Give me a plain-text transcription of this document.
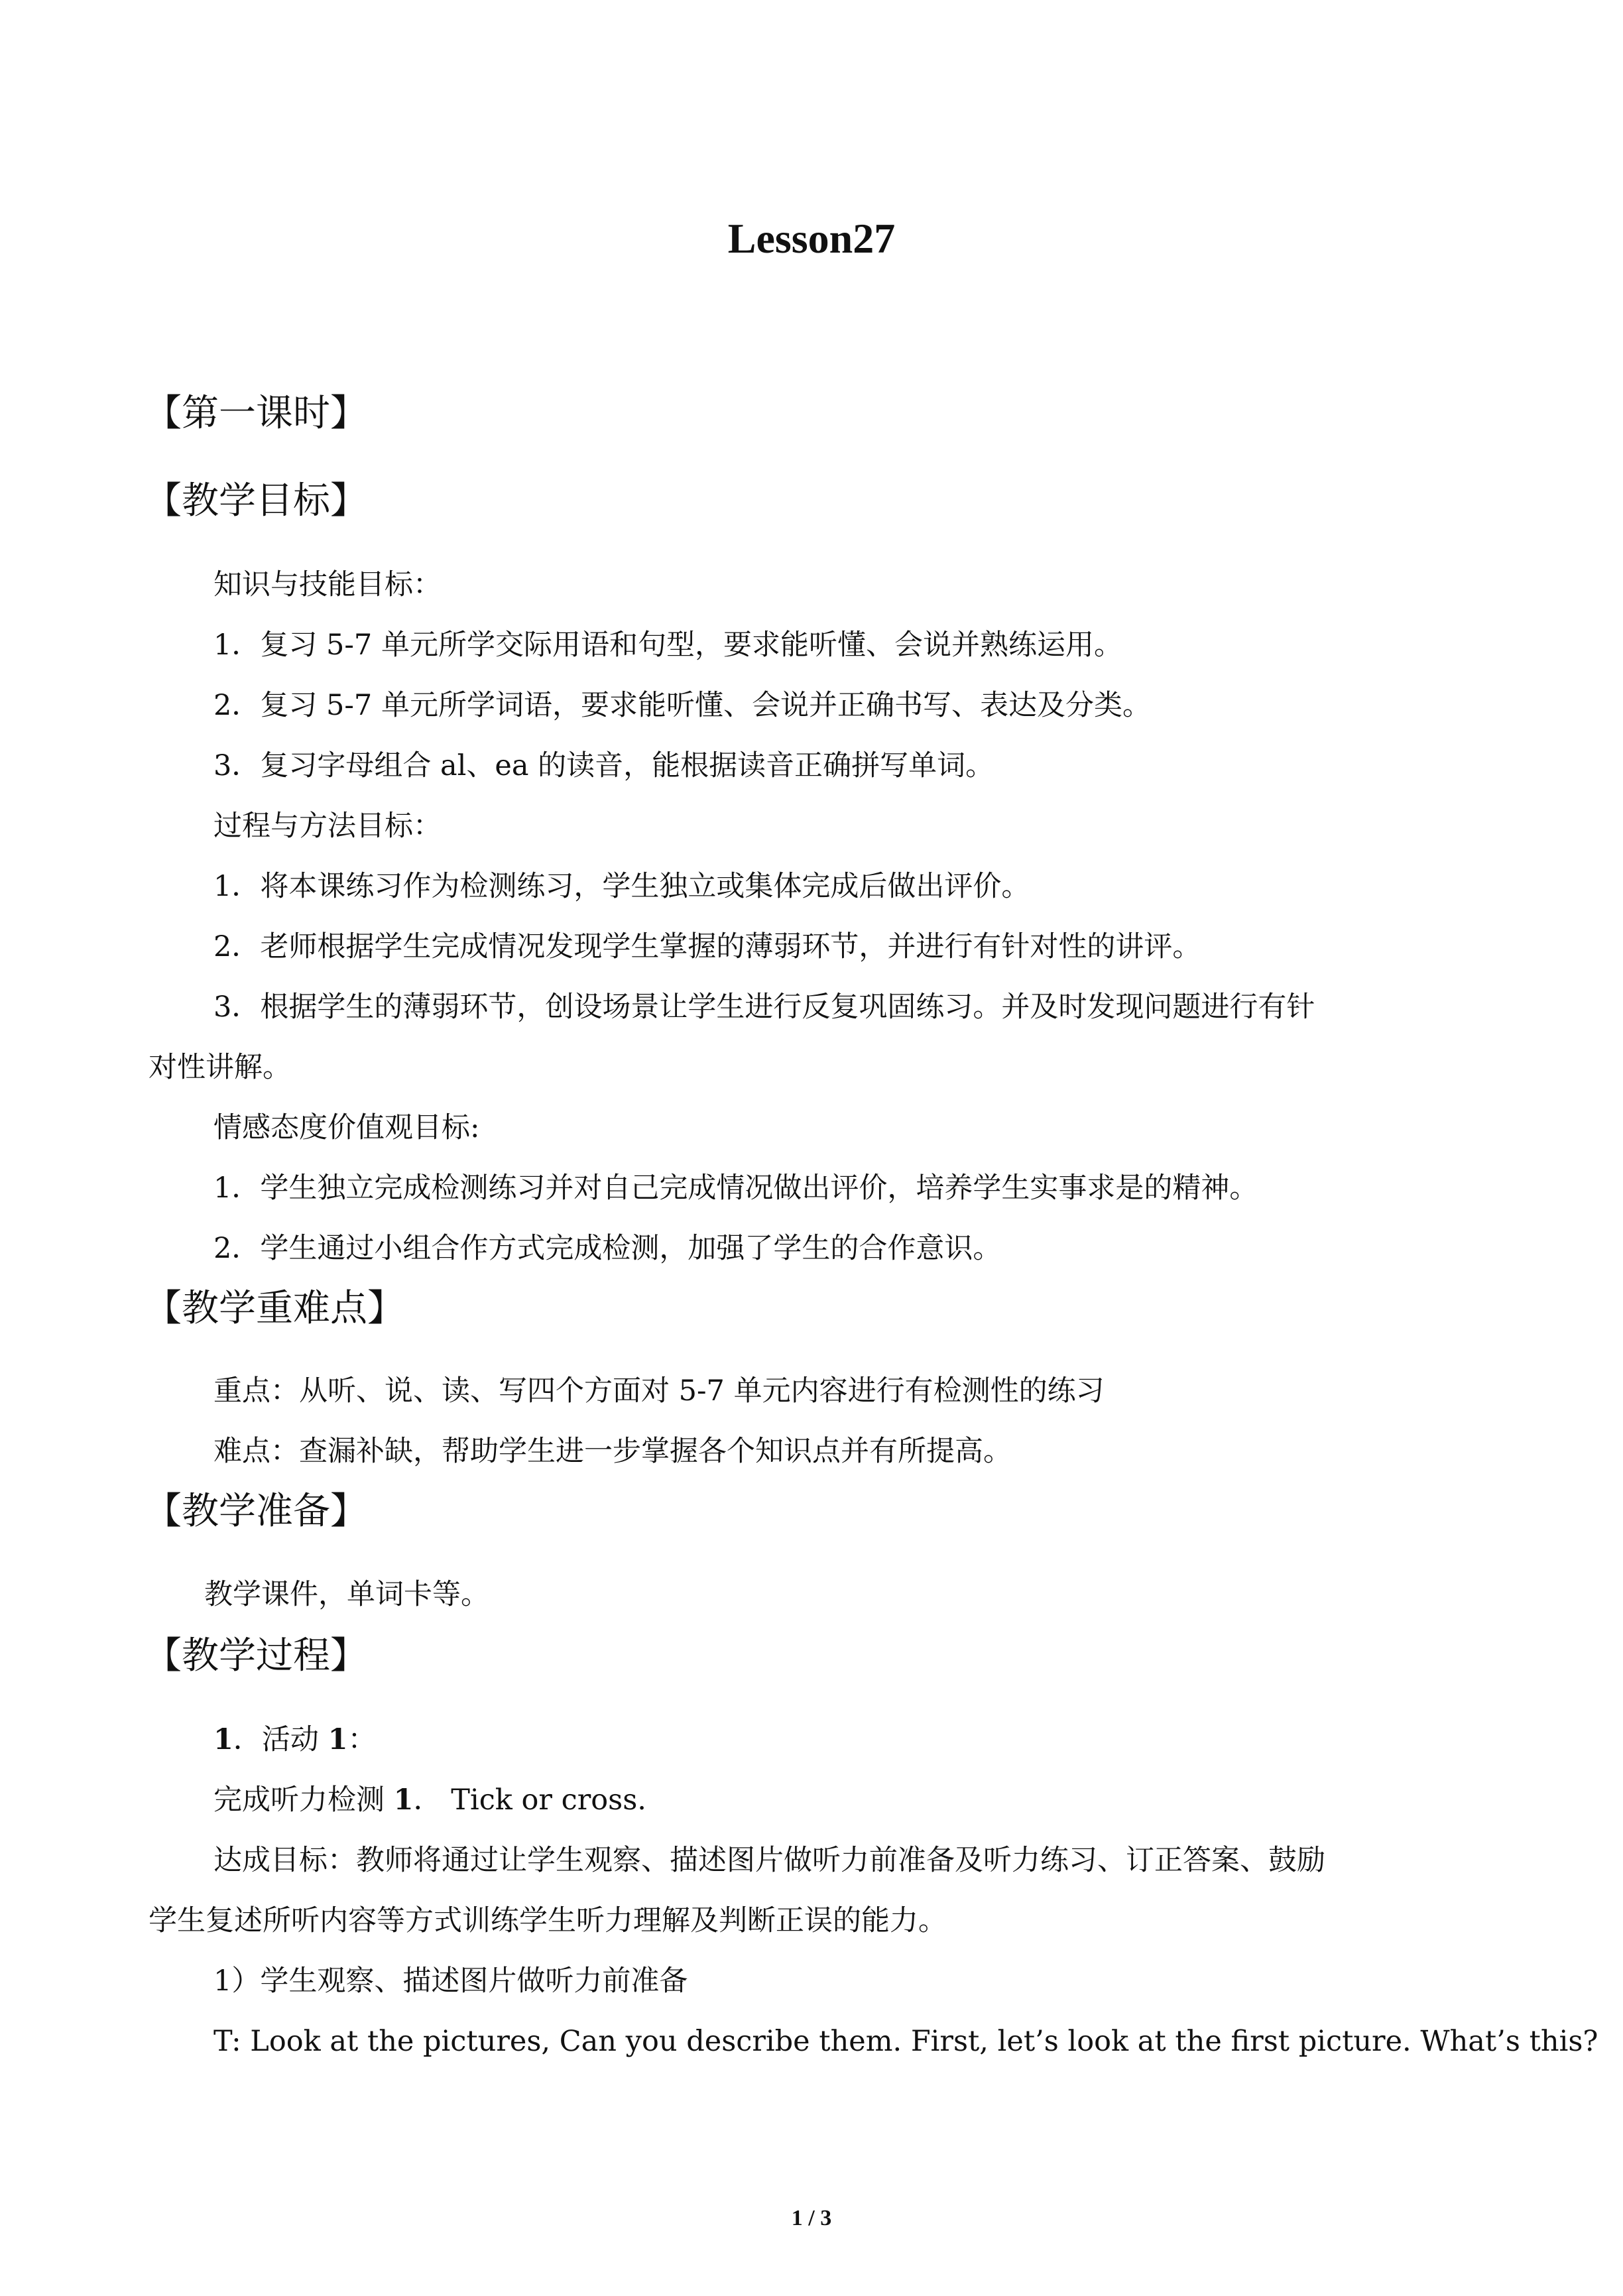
Lesson27
【第一课时】
【教学目标】
知识与技能目标：
1．复习 5-7 单元所学交际用语和句型，要求能听懂、会说并熟练运用。
2．复习 5-7 单元所学词语，要求能听懂、会说并正确书写、表达及分类。
3．复习字母组合 al、ea 的读音，能根据读音正确拼写单词。
过程与方法目标：
1．将本课练习作为检测练习，学生独立或集体完成后做出评价。
2．老师根据学生完成情况发现学生掌握的薄弱环节，并进行有针对性的讲评。
3．根据学生的薄弱环节，创设场景让学生进行反复巩固练习。并及时发现问题进行有针
对性讲解。
情感态度价值观目标:
1．学生独立完成检测练习并对自己完成情况做出评价，培养学生实事求是的精神。
2．学生通过小组合作方式完成检测，加强了学生的合作意识。
【教学重难点】
重点：从听、说、读、写四个方面对 5-7 单元内容进行有检测性的练习
难点：查漏补缺，帮助学生进一步掌握各个知识点并有所提高。
【教学准备】
教学课件，单词卡等。
【教学过程】
1．活动 1：
完成听力检测 1． Tick or cross.
达成目标：教师将通过让学生观察、描述图片做听力前准备及听力练习、订正答案、鼓励
学生复述所听内容等方式训练学生听力理解及判断正误的能力。
1）学生观察、描述图片做听力前准备
T: Look at the pictures, Can you describe them. First, let’s look at the first picture. What’s this?
1 / 3
